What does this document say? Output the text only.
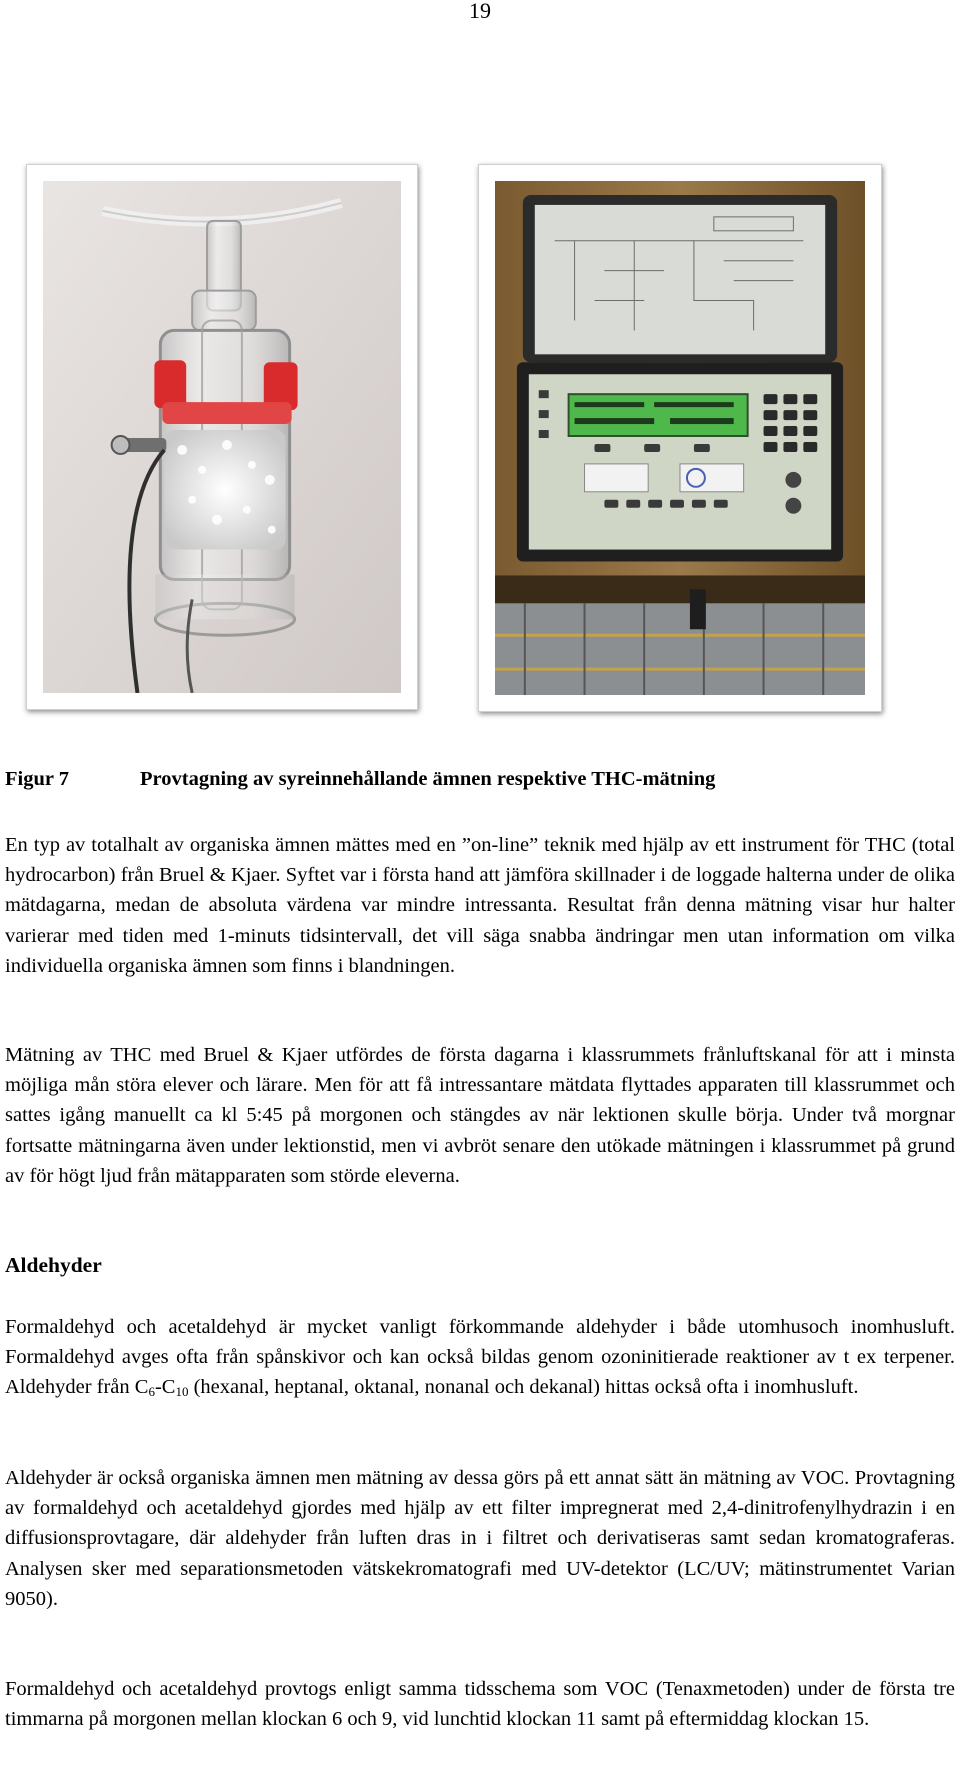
19
Figur 7	Provtagning av syreinnehållande ämnen respektive THC-mätning

En typ av totalhalt av organiska ämnen mättes med en ”on-line” teknik med hjälp av ett instrument för THC (total hydrocarbon) från Bruel & Kjaer. Syftet var i första hand att jämföra skillnader i de loggade halterna under de olika mätdagarna, medan de absoluta värdena var mindre intressanta. Resultat från denna mätning visar hur halter varierar med tiden med 1-minuts tidsintervall, det vill säga snabba ändringar men utan information om vilka individuella organiska ämnen som finns i blandningen.

Mätning av THC med Bruel & Kjaer utfördes de första dagarna i klassrummets frånluftskanal för att i minsta möjliga mån störa elever och lärare. Men för att få intressantare mätdata flyttades apparaten till klassrummet och sattes igång manuellt ca kl 5:45 på morgonen och stängdes av när lektionen skulle börja. Under två morgnar fortsatte mätningarna även under lektionstid, men vi avbröt senare den utökade mätningen i klassrummet på grund av för högt ljud från mätapparaten som störde eleverna.

Aldehyder

Formaldehyd och acetaldehyd är mycket vanligt förkommande aldehyder i både utomhusoch inomhusluft. Formaldehyd avges ofta från spånskivor och kan också bildas genom ozoninitierade reaktioner av t ex terpener. Aldehyder från $C_6-C_{10}$ (hexanal, heptanal, oktanal, nonanal och dekanal) hittas också ofta i inomhusluft.

Aldehyder är också organiska ämnen men mätning av dessa görs på ett annat sätt än mätning av VOC. Provtagning av formaldehyd och acetaldehyd gjordes med hjälp av ett filter impregnerat med 2,4-dinitrofenylhydrazin i en diffusionsprovtagare, där aldehyder från luften dras in i filtret och derivatiseras samt sedan kromatograferas. Analysen sker med separationsmetoden vätskekromatografi med UV-detektor (LC/UV; mätinstrumentet Varian 9050).

Formaldehyd och acetaldehyd provtogs enligt samma tidsschema som VOC (Tenaxmetoden) under de första tre timmarna på morgonen mellan klockan 6 och 9, vid lunchtid klockan 11 samt på eftermiddag klockan 15.
